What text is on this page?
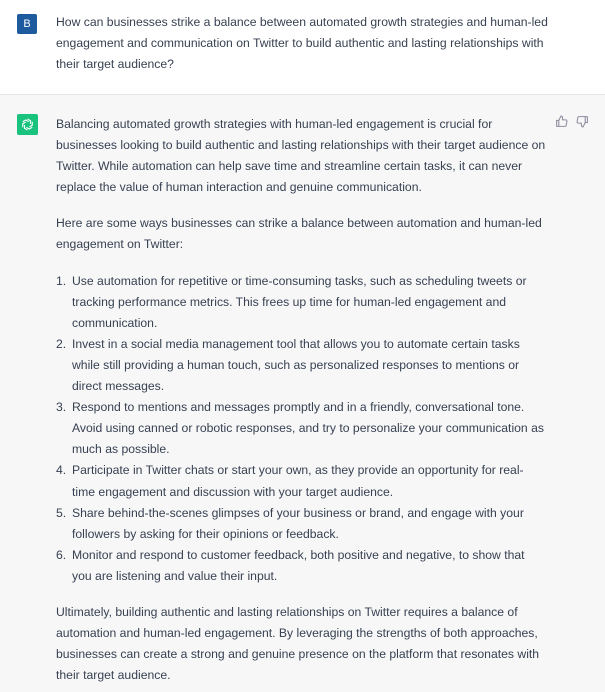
B	How can businesses strike a balance between automated growth strategies and human-led engagement and communication on Twitter to build authentic and lasting relationships with their target audience?

Balancing automated growth strategies with human-led engagement is crucial for businesses looking to build authentic and lasting relationships with their target audience on Twitter. While automation can help save time and streamline certain tasks, it can never replace the value of human interaction and genuine communication.

Here are some ways businesses can strike a balance between automation and human-led engagement on Twitter:

1. Use automation for repetitive or time-consuming tasks, such as scheduling tweets or tracking performance metrics. This frees up time for human-led engagement and communication.
2. Invest in a social media management tool that allows you to automate certain tasks while still providing a human touch, such as personalized responses to mentions or direct messages.
3. Respond to mentions and messages promptly and in a friendly, conversational tone. Avoid using canned or robotic responses, and try to personalize your communication as much as possible.
4. Participate in Twitter chats or start your own, as they provide an opportunity for real-time engagement and discussion with your target audience.
5. Share behind-the-scenes glimpses of your business or brand, and engage with your followers by asking for their opinions or feedback.
6. Monitor and respond to customer feedback, both positive and negative, to show that you are listening and value their input.

Ultimately, building authentic and lasting relationships on Twitter requires a balance of automation and human-led engagement. By leveraging the strengths of both approaches, businesses can create a strong and genuine presence on the platform that resonates with their target audience.
